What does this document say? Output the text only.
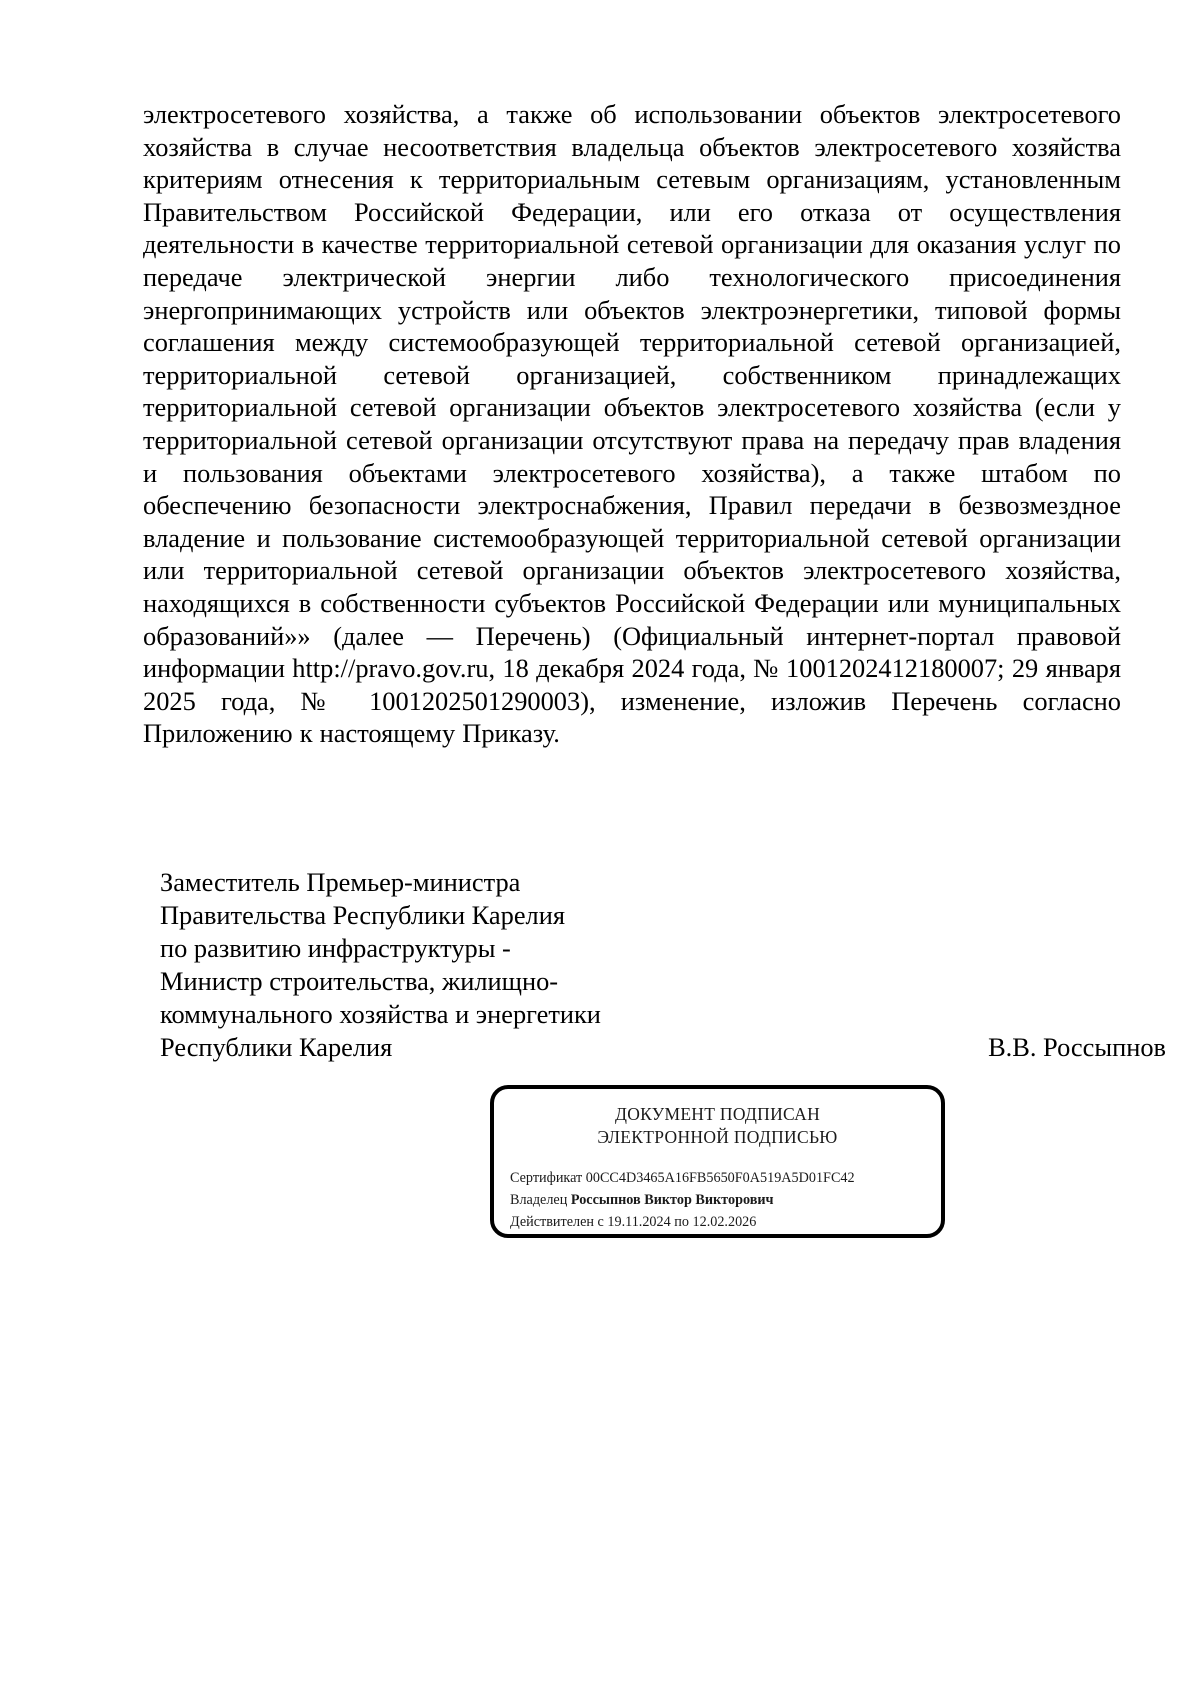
электросетевого хозяйства, а также об использовании объектов электросетевого хозяйства в случае несоответствия владельца объектов электросетевого хозяйства критериям отнесения к территориальным сетевым организациям, установленным Правительством Российской Федерации, или его отказа от осуществления деятельности в качестве территориальной сетевой организации для оказания услуг по передаче электрической энергии либо технологического присоединения энергопринимающих устройств или объектов электроэнергетики, типовой формы соглашения между системообразующей территориальной сетевой организацией, территориальной сетевой организацией, собственником принадлежащих территориальной сетевой организации объектов электросетевого хозяйства (если у территориальной сетевой организации отсутствуют права на передачу прав владения и пользования объектами электросетевого хозяйства), а также штабом по обеспечению безопасности электроснабжения, Правил передачи в безвозмездное владение и пользование системообразующей территориальной сетевой организации или территориальной сетевой организации объектов электросетевого хозяйства, находящихся в собственности субъектов Российской Федерации или муниципальных образований»» (далее — Перечень) (Официальный интернет-портал правовой информации http://pravo.gov.ru, 18 декабря 2024 года, № 1001202412180007; 29 января 2025 года, № 1001202501290003), изменение, изложив Перечень согласно Приложению к настоящему Приказу.

Заместитель Премьер-министра
Правительства Республики Карелия
по развитию инфраструктуры -
Министр строительства, жилищно-
коммунального хозяйства и энергетики
Республики Карелия	В.В. Россыпнов
ДОКУМЕНТ ПОДПИСАН
ЭЛЕКТРОННОЙ ПОДПИСЬЮ
Сертификат 00CC4D3465A16FB5650F0A519A5D01FC42
Владелец Россыпнов Виктор Викторович
Действителен с 19.11.2024 по 12.02.2026
